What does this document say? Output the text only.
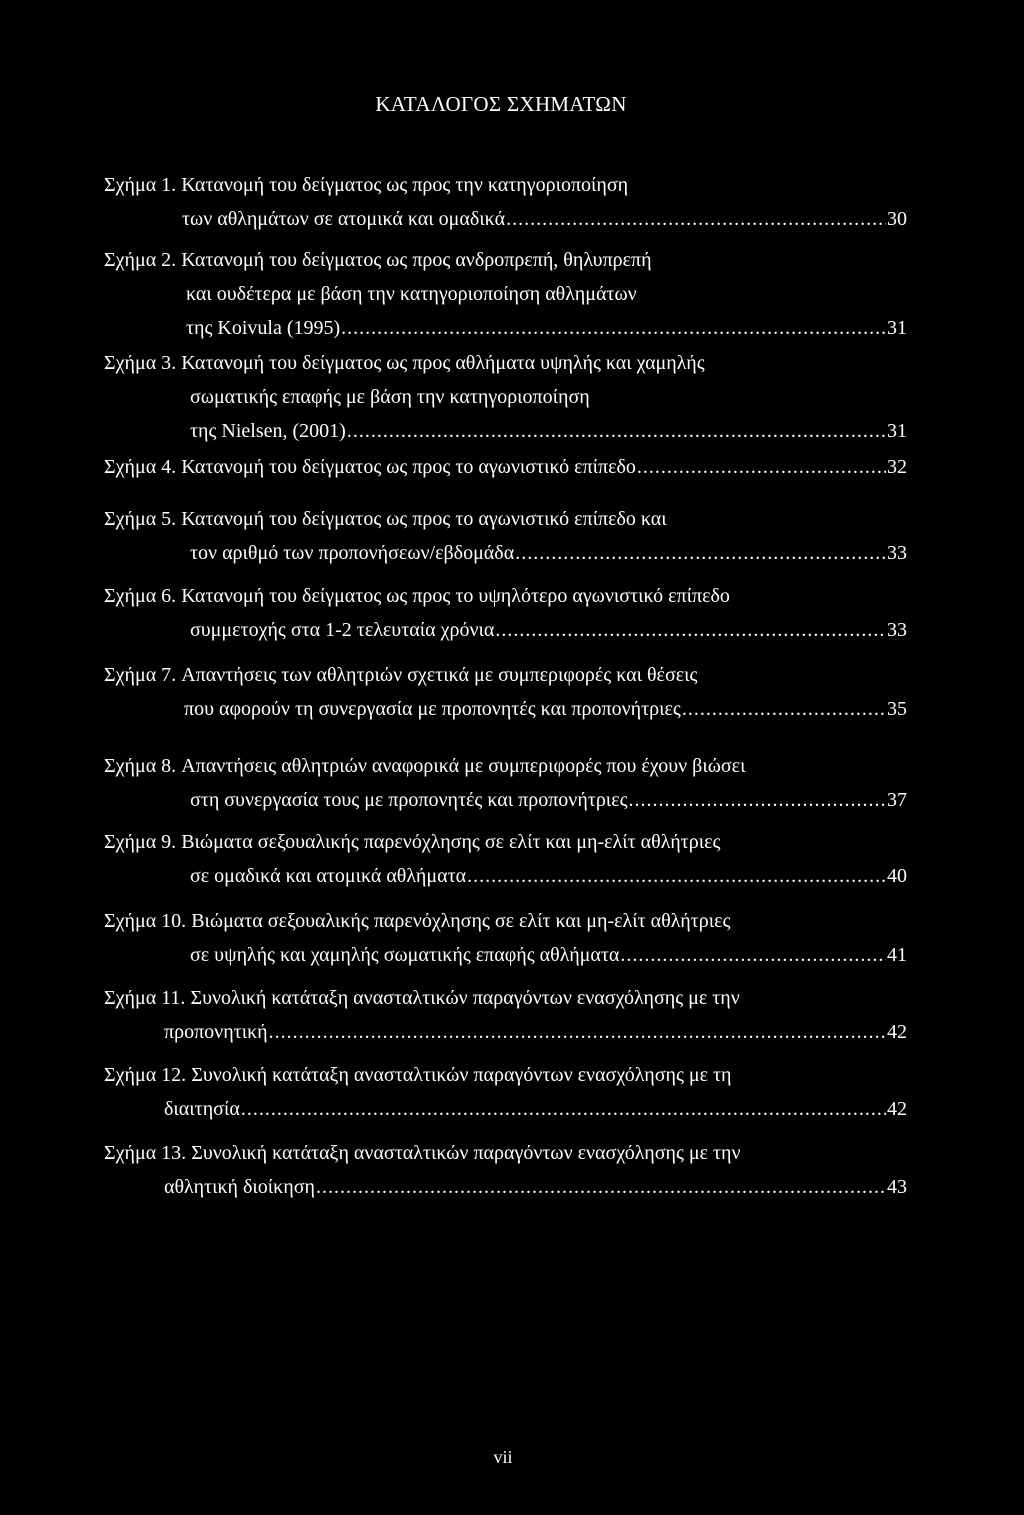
ΚΑΤΑΛΟΓΟΣ ΣΧΗΜΑΤΩΝ
Σχήμα 1. Κατανομή του δείγματος ως προς την κατηγοριοποίηση
των αθλημάτων σε ατομικά και ομαδικά .....	30
Σχήμα 2. Κατανομή του δείγματος ως προς ανδροπρεπή, θηλυπρεπή
και ουδέτερα με βάση την κατηγοριοποίηση αθλημάτων
της Koivula (1995) .....	31
Σχήμα 3. Κατανομή του δείγματος ως προς αθλήματα υψηλής και χαμηλής
σωματικής επαφής με βάση την κατηγοριοποίηση
της Nielsen, (2001) .....	31
Σχήμα 4. Κατανομή του δείγματος ως προς το αγωνιστικό επίπεδο .....	32
Σχήμα 5. Κατανομή του δείγματος ως προς το αγωνιστικό επίπεδο και
τον αριθμό των προπονήσεων/εβδομάδα .....	33
Σχήμα 6. Κατανομή του δείγματος ως προς το υψηλότερο αγωνιστικό επίπεδο
συμμετοχής στα 1-2 τελευταία χρόνια .....	33
Σχήμα 7. Απαντήσεις των αθλητριών σχετικά με συμπεριφορές και θέσεις
που αφορούν τη συνεργασία με προπονητές και προπονήτριες .....	35
Σχήμα 8. Απαντήσεις αθλητριών αναφορικά με συμπεριφορές που έχουν βιώσει
στη συνεργασία τους με προπονητές και προπονήτριες .....	37
Σχήμα 9. Βιώματα σεξουαλικής παρενόχλησης σε ελίτ και μη-ελίτ αθλήτριες
σε ομαδικά και ατομικά αθλήματα .....	40
Σχήμα 10. Βιώματα σεξουαλικής παρενόχλησης σε ελίτ και μη-ελίτ αθλήτριες
σε υψηλής και χαμηλής σωματικής επαφής αθλήματα .....	41
Σχήμα 11. Συνολική κατάταξη ανασταλτικών παραγόντων ενασχόλησης με την
προπονητική .....	42
Σχήμα 12. Συνολική κατάταξη ανασταλτικών παραγόντων ενασχόλησης με τη
διαιτησία .....	42
Σχήμα 13. Συνολική κατάταξη ανασταλτικών παραγόντων ενασχόλησης με την
αθλητική διοίκηση .....	43
vii
